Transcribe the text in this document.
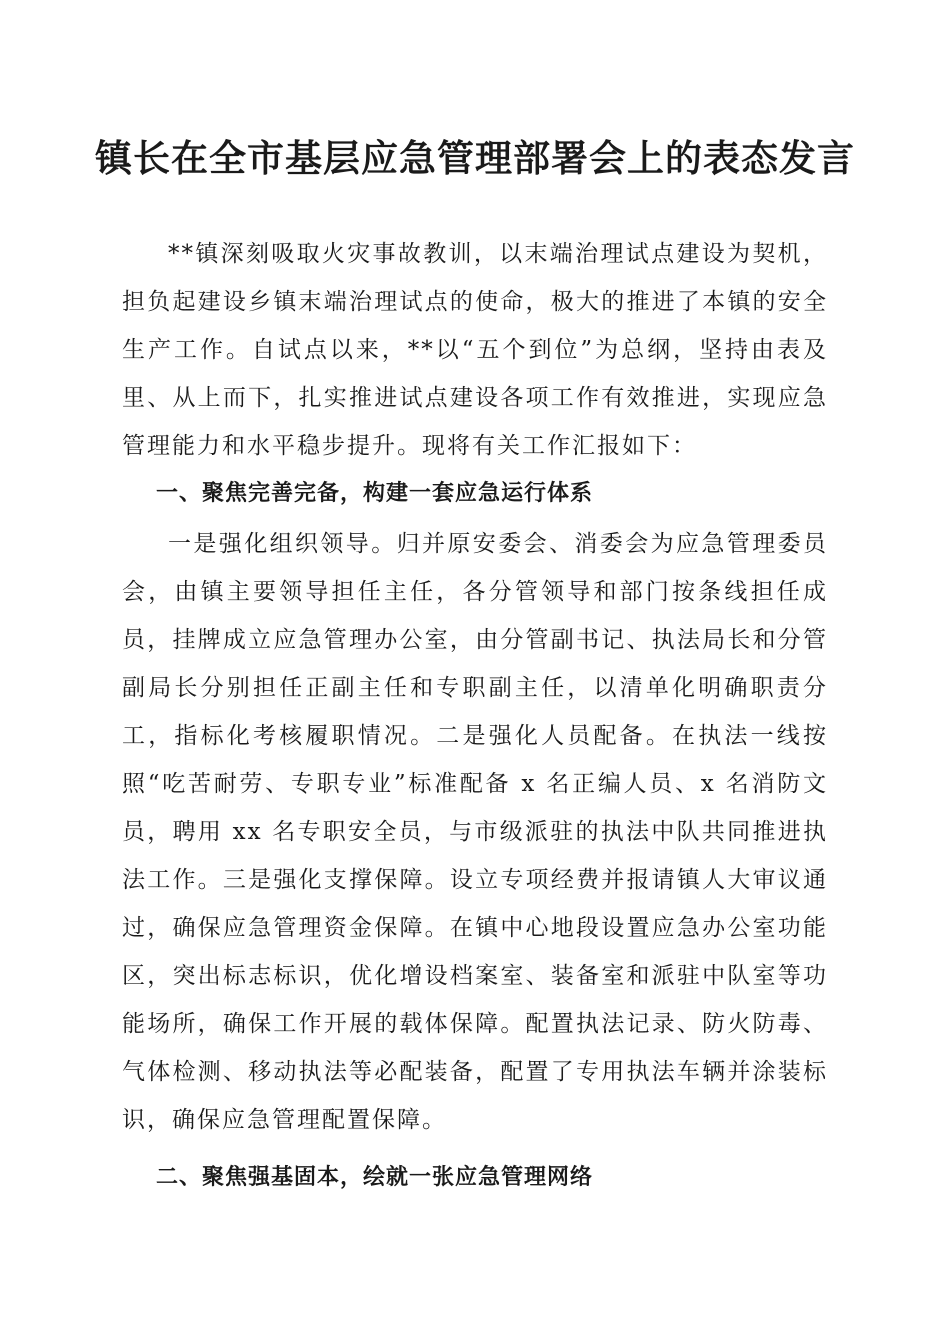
镇长在全市基层应急管理部署会上的表态发言

**镇深刻吸取火灾事故教训，以末端治理试点建设为契机，担负起建设乡镇末端治理试点的使命，极大的推进了本镇的安全生产工作。自试点以来，**以“五个到位”为总纲，坚持由表及里、从上而下，扎实推进试点建设各项工作有效推进，实现应急管理能力和水平稳步提升。现将有关工作汇报如下：

一、聚焦完善完备，构建一套应急运行体系

一是强化组织领导。归并原安委会、消委会为应急管理委员会，由镇主要领导担任主任，各分管领导和部门按条线担任成员，挂牌成立应急管理办公室，由分管副书记、执法局长和分管副局长分别担任正副主任和专职副主任，以清单化明确职责分工，指标化考核履职情况。二是强化人员配备。在执法一线按照“吃苦耐劳、专职专业”标准配备 x 名正编人员、x 名消防文员，聘用 xx 名专职安全员，与市级派驻的执法中队共同推进执法工作。三是强化支撑保障。设立专项经费并报请镇人大审议通过，确保应急管理资金保障。在镇中心地段设置应急办公室功能区，突出标志标识，优化增设档案室、装备室和派驻中队室等功能场所，确保工作开展的载体保障。配置执法记录、防火防毒、气体检测、移动执法等必配装备，配置了专用执法车辆并涂装标识，确保应急管理配置保障。

二、聚焦强基固本，绘就一张应急管理网络
